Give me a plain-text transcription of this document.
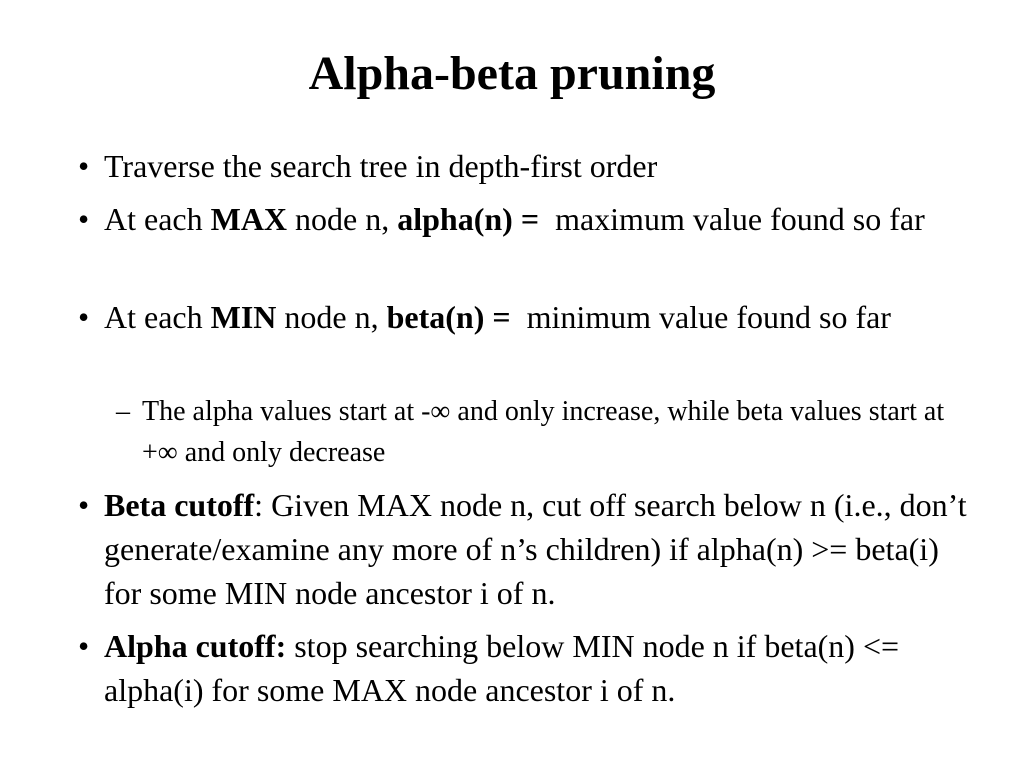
Alpha-beta pruning
• Traverse the search tree in depth-first order
• At each MAX node n, alpha(n) =  maximum value found so far
• At each MIN node n, beta(n) =  minimum value found so far
– The alpha values start at -∞ and only increase, while beta values start at +∞ and only decrease
• Beta cutoff: Given MAX node n, cut off search below n (i.e., don’t generate/examine any more of n’s children) if alpha(n) >= beta(i) for some MIN node ancestor i of n.
• Alpha cutoff: stop searching below MIN node n if beta(n) <= alpha(i) for some MAX node ancestor i of n.
